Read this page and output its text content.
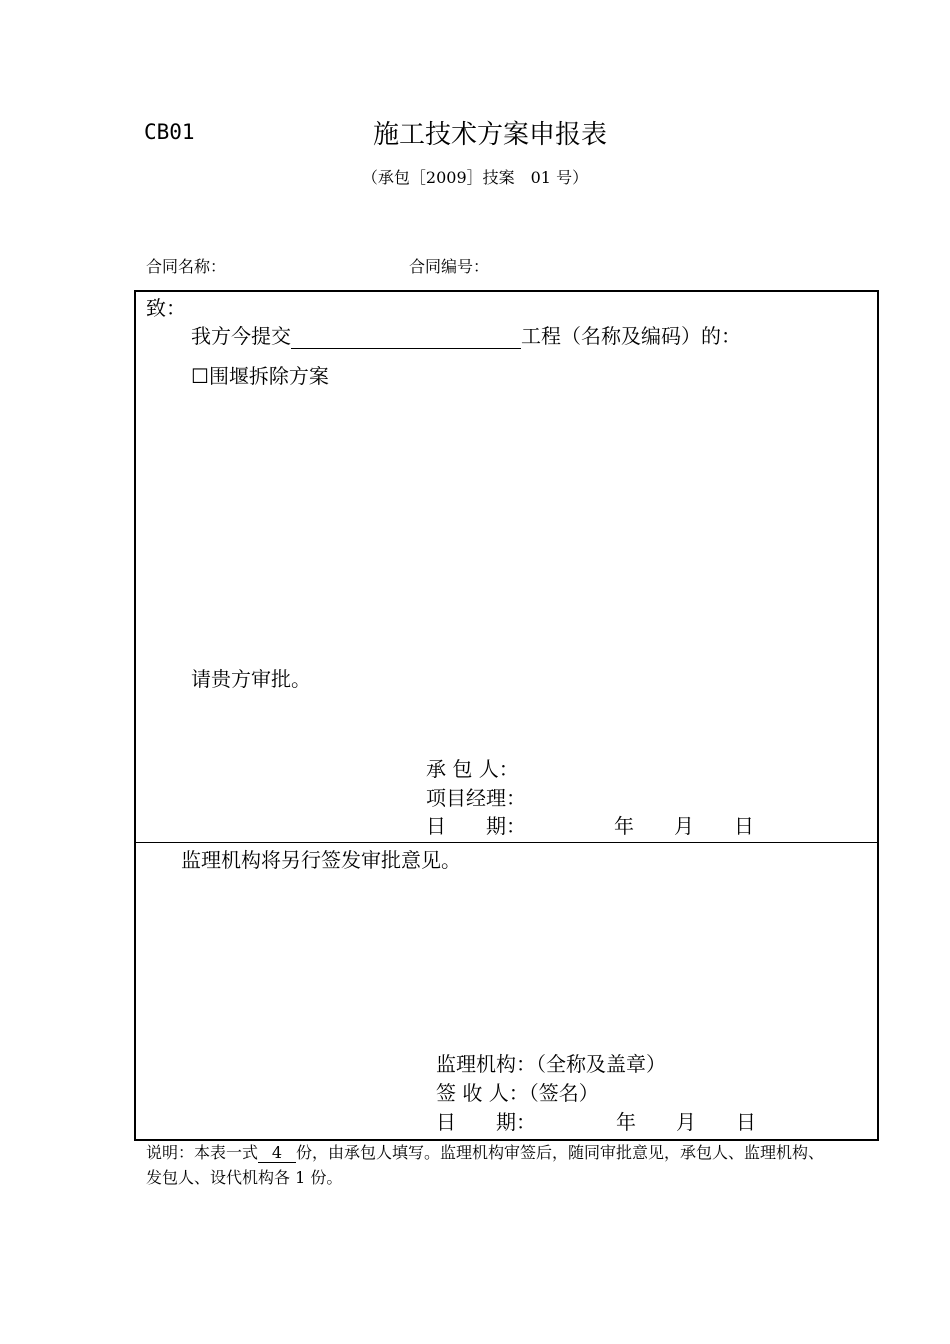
CB01	施工技术方案申报表
（承包［2009］技案　01 号）
合同名称：	合同编号：
致：
我方今提交	工程（名称及编码）的：
☐围堰拆除方案
请贵方审批。
承 包 人：
项目经理：
日　　期：	年 月 日
监理机构将另行签发审批意见。
监理机构：（全称及盖章）
签 收 人：（签名）
日　　期：	年 月 日
说明：本表一式 4 份，由承包人填写。监理机构审签后，随同审批意见，承包人、监理机构、发包人、设代机构各 1 份。
